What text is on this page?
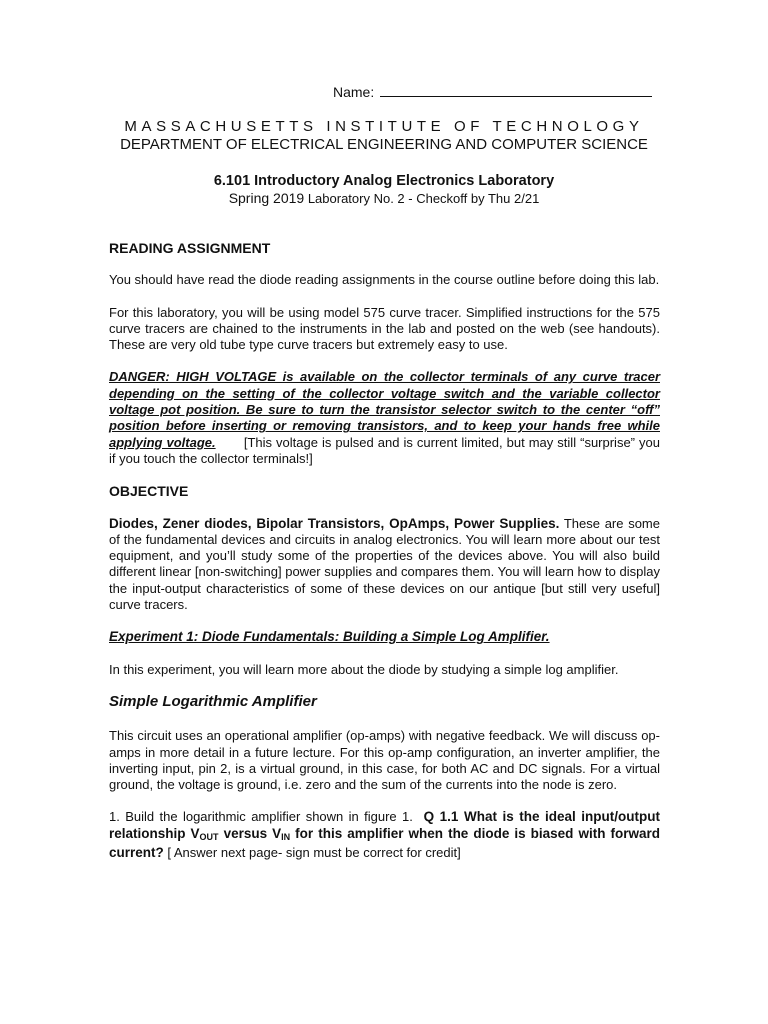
Name:
MASSACHUSETTS INSTITUTE OF TECHNOLOGY
DEPARTMENT OF ELECTRICAL ENGINEERING AND COMPUTER SCIENCE
6.101 Introductory Analog Electronics Laboratory
Spring 2019 Laboratory No. 2 - Checkoff by Thu 2/21

READING ASSIGNMENT

You should have read the diode reading assignments in the course outline before doing this lab.

For this laboratory, you will be using model 575 curve tracer. Simplified instructions for the 575 curve tracers are chained to the instruments in the lab and posted on the web (see handouts). These are very old tube type curve tracers but extremely easy to use.

DANGER: HIGH VOLTAGE is available on the collector terminals of any curve tracer depending on the setting of the collector voltage switch and the variable collector voltage pot position. Be sure to turn the transistor selector switch to the center “off” position before inserting or removing transistors, and to keep your hands free while applying voltage.       [This voltage is pulsed and is current limited, but may still “surprise” you if you touch the collector terminals!]

OBJECTIVE

Diodes, Zener diodes, Bipolar Transistors, OpAmps, Power Supplies. These are some of the fundamental devices and circuits in analog electronics. You will learn more about our test equipment, and you’ll study some of the properties of the devices above. You will also build different linear [non-switching] power supplies and compares them. You will learn how to display the input-output characteristics of some of these devices on our antique [but still very useful] curve tracers.

Experiment 1: Diode Fundamentals: Building a Simple Log Amplifier.

In this experiment, you will learn more about the diode by studying a simple log amplifier.

Simple Logarithmic Amplifier

This circuit uses an operational amplifier (op-amps) with negative feedback. We will discuss op-amps in more detail in a future lecture. For this op-amp configuration, an inverter amplifier, the inverting input, pin 2, is a virtual ground, in this case, for both AC and DC signals. For a virtual ground, the voltage is ground, i.e. zero and the sum of the currents into the node is zero.

1. Build the logarithmic amplifier shown in figure 1.  Q 1.1 What is the ideal input/output relationship $V_{OUT}$ versus $V_{IN}$ for this amplifier when the diode is biased with forward current? [ Answer next page- sign must be correct for credit]
